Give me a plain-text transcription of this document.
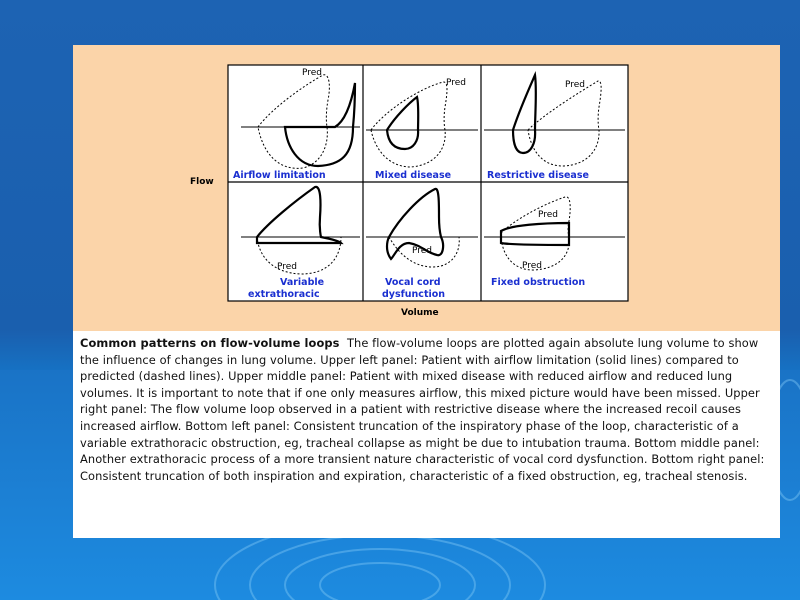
Flow
Volume
Pred
Airflow limitation
Pred
Mixed disease
Pred
Restrictive disease
Pred
Variable
extrathoracic
Pred
Vocal cord
dysfunction
Pred
Pred
Fixed obstruction
Common patterns on flow-volume loops The flow-volume loops are plotted again absolute lung volume to show the influence of changes in lung volume. Upper left panel: Patient with airflow limitation (solid lines) compared to predicted (dashed lines). Upper middle panel: Patient with mixed disease with reduced airflow and reduced lung volumes. It is important to note that if one only measures airflow, this mixed picture would have been missed. Upper right panel: The flow volume loop observed in a patient with restrictive disease where the increased recoil causes increased airflow. Bottom left panel: Consistent truncation of the inspiratory phase of the loop, characteristic of a variable extrathoracic obstruction, eg, tracheal collapse as might be due to intubation trauma. Bottom middle panel: Another extrathoracic process of a more transient nature characteristic of vocal cord dysfunction. Bottom right panel: Consistent truncation of both inspiration and expiration, characteristic of a fixed obstruction, eg, tracheal stenosis.
